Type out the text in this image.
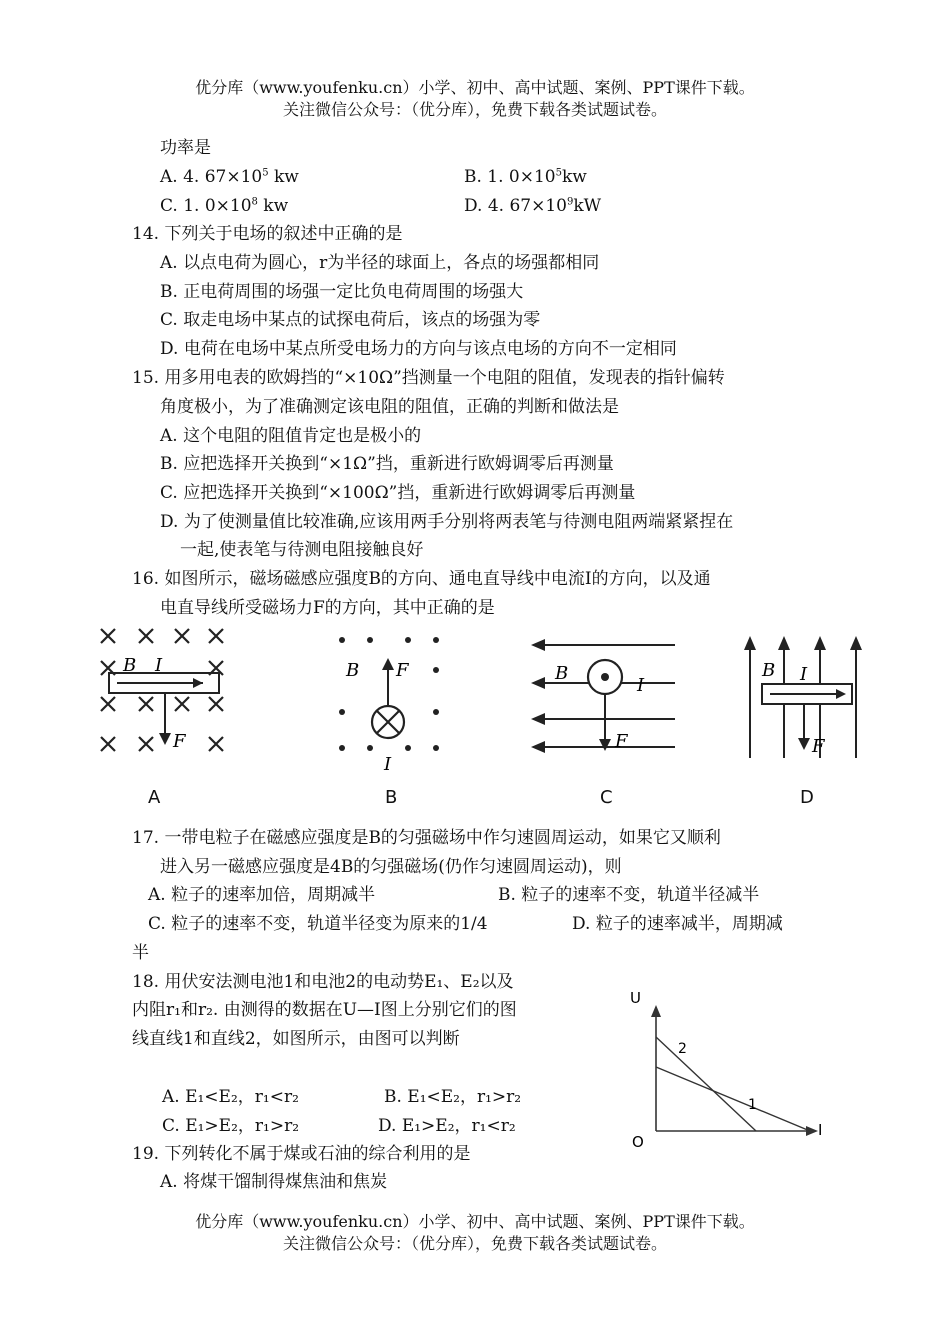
优分库（www.youfenku.cn）小学、初中、高中试题、案例、PPT课件下载。
关注微信公众号：（优分库），免费下载各类试题试卷。
功率是
A. 4. $67\times 10^5$ kw	B. 1. $0\times 10^5kw$
C. 1. $0\times 10^8$ kw	D. 4. $67\times 10^9kW$
14. 下列关于电场的叙述中正确的是
A. 以点电荷为圆心，r为半径的球面上，各点的场强都相同
B. 正电荷周围的场强一定比负电荷周围的场强大
C. 取走电场中某点的试探电荷后，该点的场强为零
D. 电荷在电场中某点所受电场力的方向与该点电场的方向不一定相同
15. 用多用电表的欧姆挡的“×10Ω”挡测量一个电阻的阻值，发现表的指针偏转
角度极小，为了准确测定该电阻的阻值，正确的判断和做法是
A. 这个电阻的阻值肯定也是极小的
B. 应把选择开关换到“×1Ω”挡，重新进行欧姆调零后再测量
C. 应把选择开关换到“×100Ω”挡，重新进行欧姆调零后再测量
D. 为了使测量值比较准确,应该用两手分别将两表笔与待测电阻两端紧紧捏在
一起,使表笔与待测电阻接触良好
16. 如图所示，磁场磁感应强度B的方向、通电直导线中电流I的方向，以及通
电直导线所受磁场力F的方向，其中正确的是
B I
F
B F
I
B
I
F
B I
F
A	B	C	D
17. 一带电粒子在磁感应强度是B的匀强磁场中作匀速圆周运动，如果它又顺利
进入另一磁感应强度是4B的匀强磁场(仍作匀速圆周运动)，则
A. 粒子的速率加倍，周期减半	B. 粒子的速率不变，轨道半径减半
C. 粒子的速率不变，轨道半径变为原来的1/4	D. 粒子的速率减半，周期减
半
18. 用伏安法测电池1和电池2的电动势E₁、E₂以及
内阻r₁和r₂. 由测得的数据在U—I图上分别它们的图
线直线1和直线2，如图所示，由图可以判断
A. E₁<E₂，r₁<r₂	B. E₁<E₂，r₁>r₂
C. E₁>E₂，r₁>r₂	D. E₁>E₂，r₁<r₂
U
I
O
2
1
19. 下列转化不属于煤或石油的综合利用的是
A. 将煤干馏制得煤焦油和焦炭
优分库（www.youfenku.cn）小学、初中、高中试题、案例、PPT课件下载。
关注微信公众号：（优分库），免费下载各类试题试卷。
